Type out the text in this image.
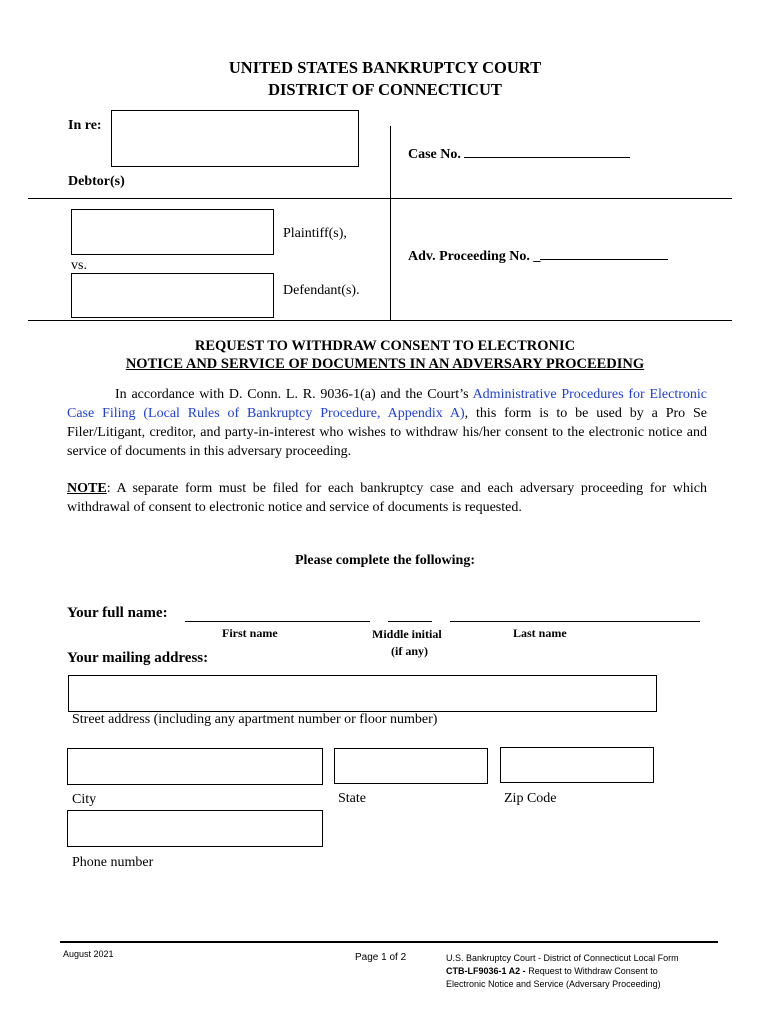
UNITED STATES BANKRUPTCY COURT
DISTRICT OF CONNECTICUT
In re:
Debtor(s)
Case No.
Plaintiff(s),
vs.
Defendant(s).
Adv. Proceeding No. _
REQUEST TO WITHDRAW CONSENT TO ELECTRONIC
NOTICE AND SERVICE OF DOCUMENTS IN AN ADVERSARY PROCEEDING
In accordance with D. Conn. L. R. 9036-1(a) and the Court’s Administrative Procedures for Electronic Case Filing (Local Rules of Bankruptcy Procedure, Appendix A), this form is to be used by a Pro Se Filer/Litigant, creditor, and party-in-interest who wishes to withdraw his/her consent to the electronic notice and service of documents in this adversary proceeding.
NOTE: A separate form must be filed for each bankruptcy case and each adversary proceeding for which withdrawal of consent to electronic notice and service of documents is requested.
Please complete the following:
Your full name:
First name	Middle initial
(if any)
Last name
Your mailing address:
Street address (including any apartment number or floor number)
City	State	Zip Code
Phone number
August 2021	Page 1 of 2	U.S. Bankruptcy Court - District of Connecticut Local Form
CTB-LF9036-1 A2 - Request to Withdraw Consent to
Electronic Notice and Service (Adversary Proceeding)
